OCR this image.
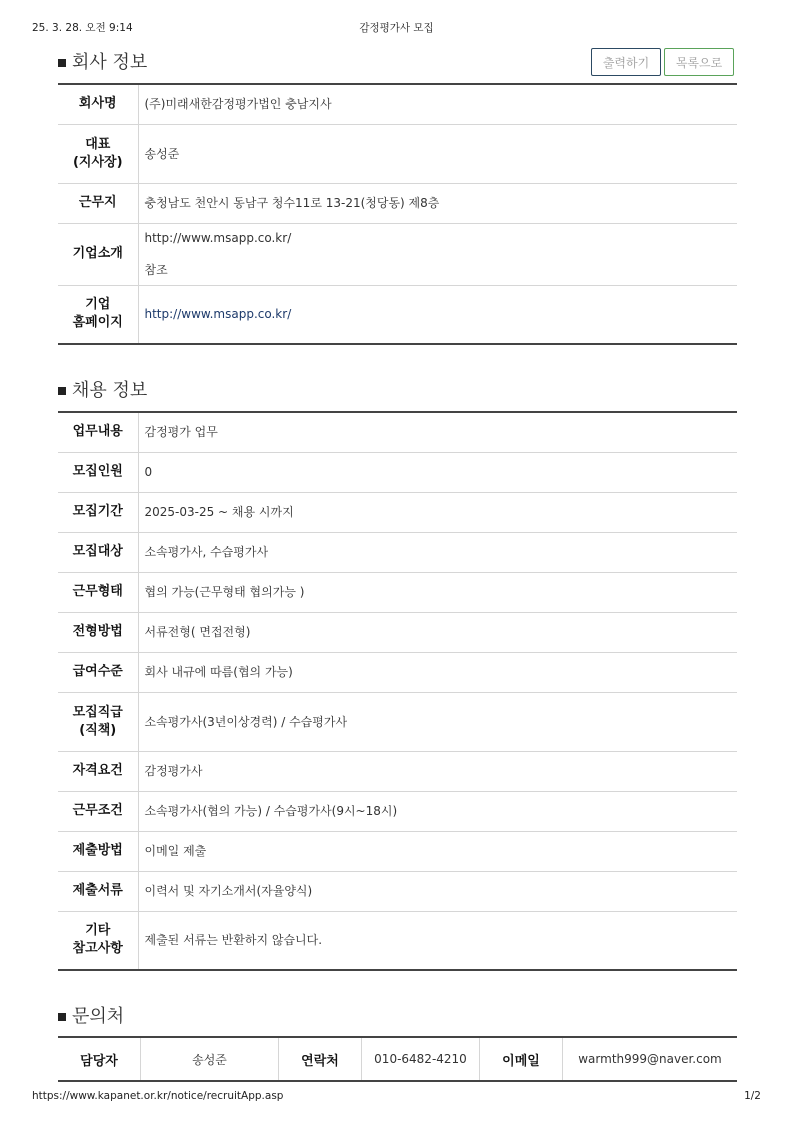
25. 3. 28. 오전 9:14	감정평가사 모집
회사 정보	출력하기	목록으로
회사명	(주)미래새한감정평가법인 충남지사

대표
(지사장)	송성준
근무지	충청남도 천안시 동남구 청수11로 13-21(청당동) 제8층
기업소개	http://www.msapp.co.kr/
참조

기업
홈페이지	http://www.msapp.co.kr/
채용 정보
업무내용	감정평가 업무
모집인원	0
모집기간	2025-03-25 ~ 채용 시까지
모집대상	소속평가사, 수습평가사
근무형태	협의 가능(근무형태 협의가능 )
전형방법	서류전형( 면접전형)
급여수준	회사 내규에 따름(협의 가능)

모집직급
(직책)	소속평가사(3년이상경력) / 수습평가사
자격요건	감정평가사
근무조건	소속평가사(협의 가능) / 수습평가사(9시~18시)
제출방법	이메일 제출
제출서류	이력서 및 자기소개서(자율양식)

기타
참고사항	제출된 서류는 반환하지 않습니다.
문의처
담당자	송성준	연락처	010-6482-4210	이메일	warmth999@naver.com
https://www.kapanet.or.kr/notice/recruitApp.asp	1/2
